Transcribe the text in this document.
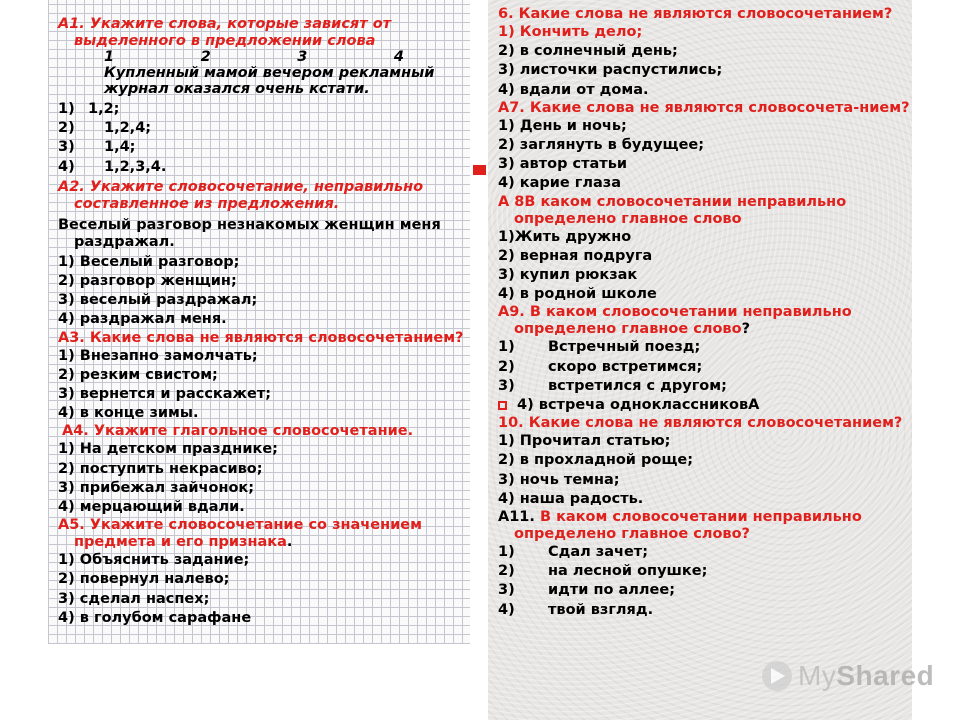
А1. Укажите слова, которые зависят от выделенного в предложении слова

1	2	3	4
Купленный мамой вечером рекламный журнал оказался очень кстати.
1) 1,2;
2)	1,2,4;
3)	1,4;
4)	1,2,3,4.

А2. Укажите словосочетание, неправильно составленное из предложения.

Веселый разговор незнакомых женщин меня раздражал.

1) Веселый разговор;
2) разговор женщин;
3) веселый раздражал;
4) раздражал меня.

А3. Какие слова не являются словосочетанием?

1) Внезапно замолчать;
2) резким свистом;
3) вернется и расскажет;
4) в конце зимы.

А4. Укажите глагольное словосочетание.

1) На детском празднике;
2) поступить некрасиво;
3) прибежал зайчонок;
4) мерцающий вдали.

А5. Укажите словосочетание со значением предмета и его признака.

1) Объяснить задание;
2) повернул налево;
3) сделал наспех;
4) в голубом сарафане

6. Какие слова не являются словосочетанием?

1) Кончить дело;
2) в солнечный день;
3) листочки распустились;
4) вдали от дома.

А7. Какие слова не являются словосочета-нием?

1) День и ночь;
2) заглянуть в будущее;
3) автор статьи
4) карие глаза

А 8В каком словосочетании неправильно определено главное слово

1)Жить дружно
2) верная подруга
3) купил рюкзак
4) в родной школе

А9. В каком словосочетании неправильно определено главное слово?

1)	Встречный поезд;
2)	скоро встретимся;
3)	встретился с другом;
4) встреча одноклассниковА

10. Какие слова не являются словосочетанием?

1) Прочитал статью;
2) в прохладной роще;
3) ночь темна;
4) наша радость.

А11. В каком словосочетании неправильно определено главное слово?

1)	Сдал зачет;
2)	на лесной опушке;
3)	идти по аллее;
4)	твой взгляд.
MyShared
